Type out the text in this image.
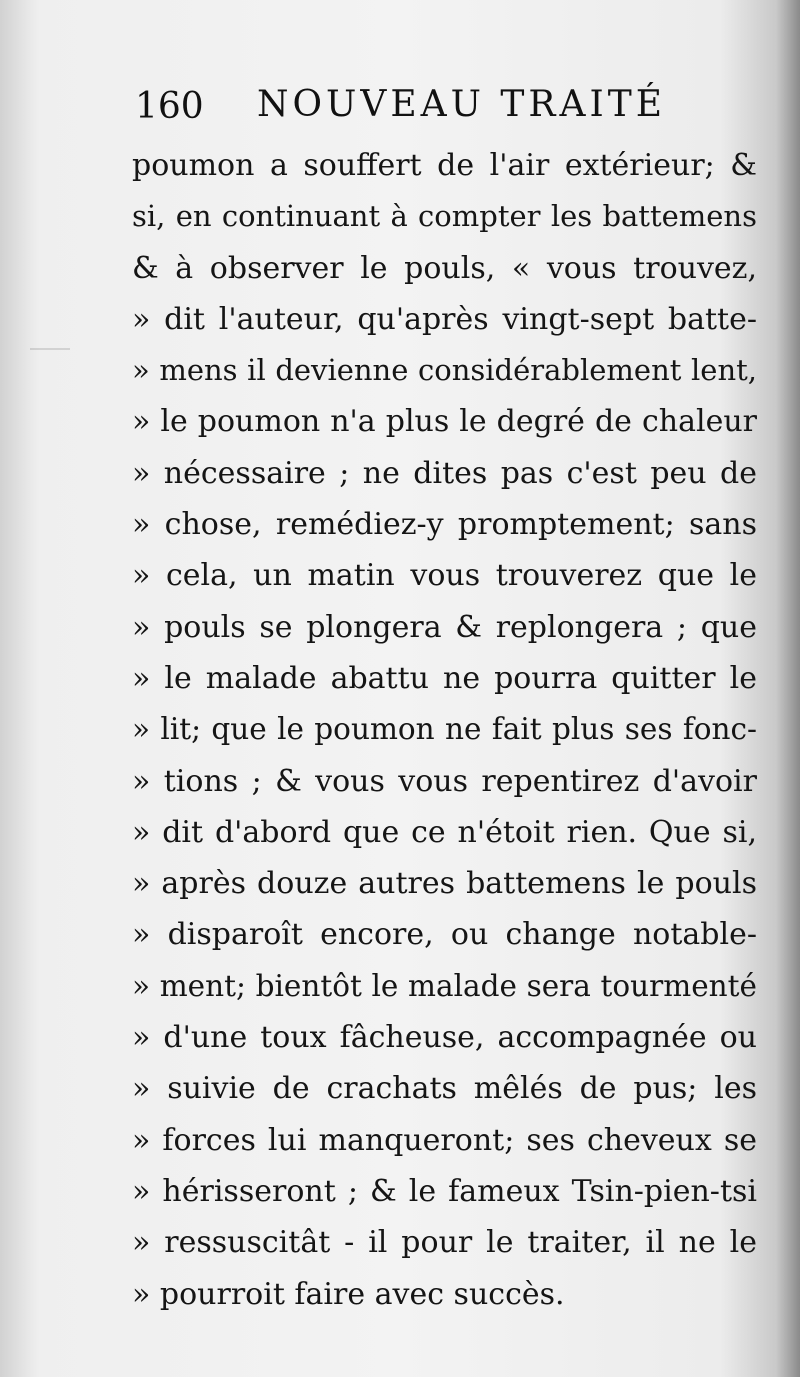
160 NOUVEAU TRAITÉ
poumon a souffert de l'air extérieur; &
si, en continuant à compter les battemens
& à observer le pouls, « vous trouvez,
» dit l'auteur, qu'après vingt-sept batte-
» mens il devienne considérablement lent,
» le poumon n'a plus le degré de chaleur
» nécessaire ; ne dites pas c'est peu de
» chose, remédiez-y promptement; sans
» cela, un matin vous trouverez que le
» pouls se plongera & replongera ; que
» le malade abattu ne pourra quitter le
» lit; que le poumon ne fait plus ses fonc-
» tions ; & vous vous repentirez d'avoir
» dit d'abord que ce n'étoit rien. Que si,
» après douze autres battemens le pouls
» disparoît encore, ou change notable-
» ment; bientôt le malade sera tourmenté
» d'une toux fâcheuse, accompagnée ou
» suivie de crachats mêlés de pus; les
» forces lui manqueront; ses cheveux se
» hérisseront ; & le fameux Tsin-pien-tsi
» ressuscitât - il pour le traiter, il ne le
» pourroit faire avec succès.
